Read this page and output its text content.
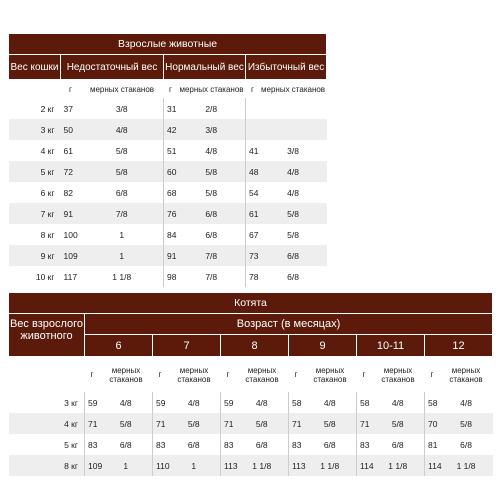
Взрослые животные						
Вес кошки	Недостаточный вес		Нормальный вес		Избыточный вес	
	г	мерных стаканов	г	мерных стаканов	г	мерных стаканов
2 кг	37	3/8	31	2/8		
3 кг	50	4/8	42	3/8		
4 кг	61	5/8	51	4/8	41	3/8
5 кг	72	5/8	60	5/8	48	4/8
6 кг	82	6/8	68	5/8	54	4/8
7 кг	91	7/8	76	6/8	61	5/8
8 кг	100	1	84	6/8	67	5/8
9 кг	109	1	91	7/8	73	6/8
10 кг	117	1 1/8	98	7/8	78	6/8
Котята												
Вес взрослого животного	Возраст (в месяцах)											
	6		7		8		9		10-11		12	
	г	мерных стаканов	г	мерных стаканов	г	мерных стаканов	г	мерных стаканов	г	мерных стаканов	г	мерных стаканов
3 кг	59	4/8	59	4/8	59	4/8	58	4/8	58	4/8	58	4/8
4 кг	71	5/8	71	5/8	71	5/8	71	5/8	71	5/8	70	5/8
5 кг	83	6/8	83	6/8	83	6/8	83	6/8	83	6/8	81	6/8
8 кг	109	1	110	1	113	1 1/8	113	1 1/8	114	1 1/8	114	1 1/8
